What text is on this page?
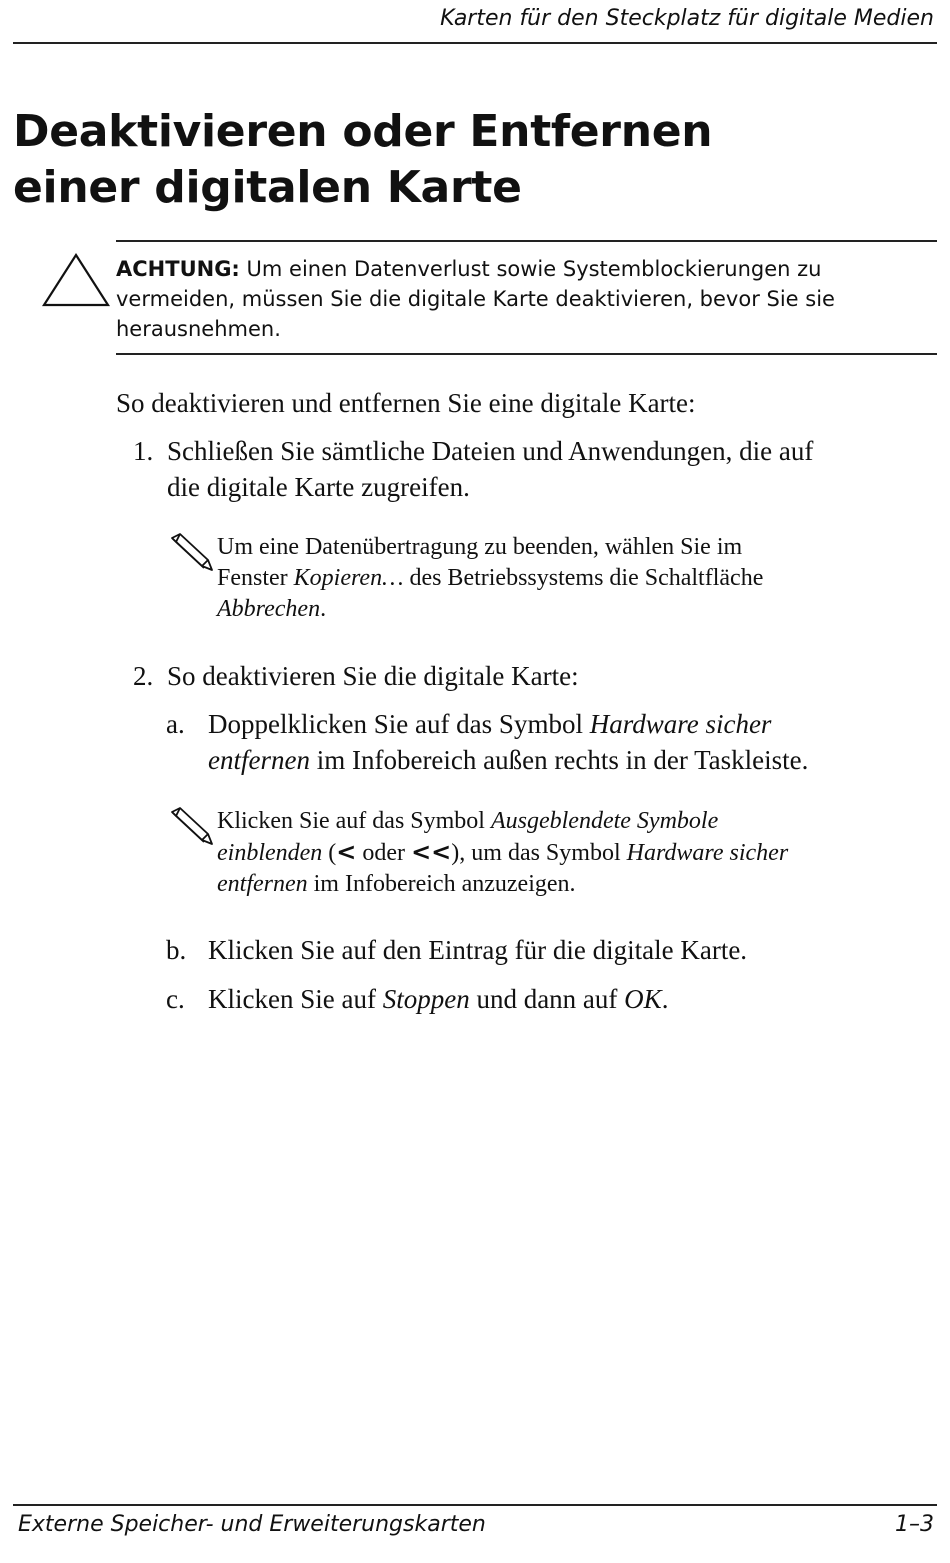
Karten für den Steckplatz für digitale Medien
Deaktivieren oder Entfernen
einer digitalen Karte
ACHTUNG: Um einen Datenverlust sowie Systemblockierungen zu vermeiden, müssen Sie die digitale Karte deaktivieren, bevor Sie sie herausnehmen.
So deaktivieren und entfernen Sie eine digitale Karte:
1. Schließen Sie sämtliche Dateien und Anwendungen, die auf
die digitale Karte zugreifen.
Um eine Datenübertragung zu beenden, wählen Sie im
Fenster Kopieren… des Betriebssystems die Schaltfläche
Abbrechen.
2. So deaktivieren Sie die digitale Karte:
a. Doppelklicken Sie auf das Symbol Hardware sicher
entfernen im Infobereich außen rechts in der Taskleiste.
Klicken Sie auf das Symbol Ausgeblendete Symbole
einblenden (< oder <<), um das Symbol Hardware sicher
entfernen im Infobereich anzuzeigen.
b. Klicken Sie auf den Eintrag für die digitale Karte.
c. Klicken Sie auf Stoppen und dann auf OK.
Externe Speicher- und Erweiterungskarten	1–3
